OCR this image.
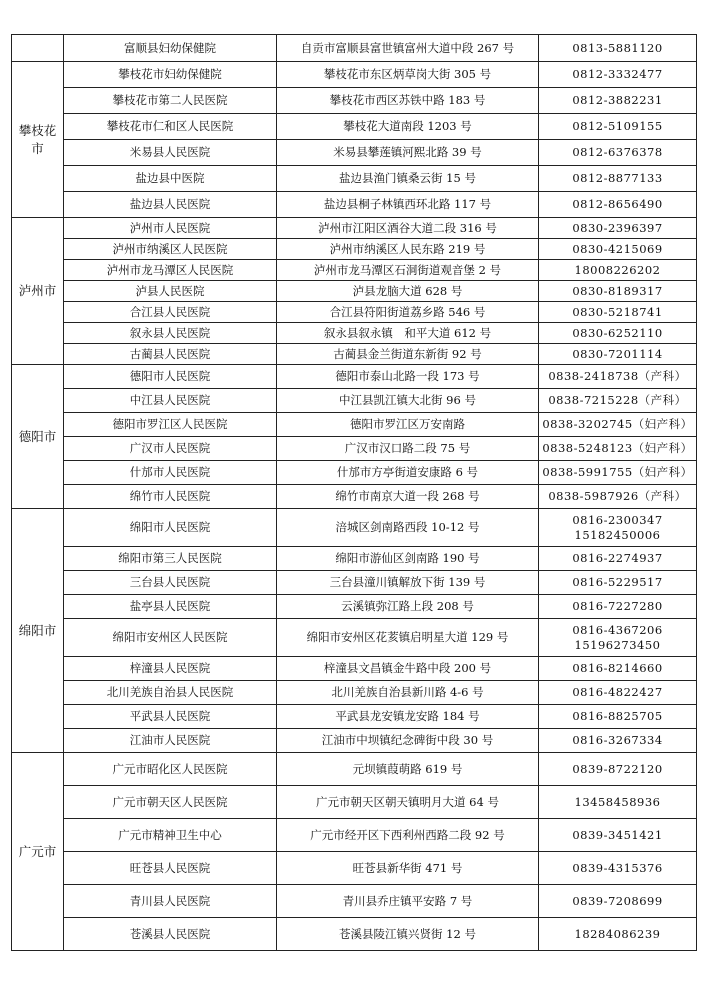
	富顺县妇幼保健院	自贡市富顺县富世镇富州大道中段 267 号	0813-5881120

攀枝花市	攀枝花市妇幼保健院	攀枝花市东区炳草岗大街 305 号	0812-3332477

	攀枝花市第二人民医院	攀枝花市西区苏铁中路 183 号	0812-3882231

	攀枝花市仁和区人民医院	攀枝花大道南段 1203 号	0812-5109155

	米易县人民医院	米易县攀莲镇河熙北路 39 号	0812-6376378

	盐边县中医院	盐边县渔门镇桑云街 15 号	0812-8877133

	盐边县人民医院	盐边县桐子林镇西环北路 117 号	0812-8656490

泸州市	泸州市人民医院	泸州市江阳区酒谷大道二段 316 号	0830-2396397

	泸州市纳溪区人民医院	泸州市纳溪区人民东路 219 号	0830-4215069

	泸州市龙马潭区人民医院	泸州市龙马潭区石洞街道观音堡 2 号	18008226202

	泸县人民医院	泸县龙脑大道 628 号	0830-8189317

	合江县人民医院	合江县符阳街道荔乡路 546 号	0830-5218741

	叙永县人民医院	叙永县叙永镇　和平大道 612 号	0830-6252110

	古蔺县人民医院	古蔺县金兰街道东新街 92 号	0830-7201114

德阳市	德阳市人民医院	德阳市泰山北路一段 173 号	0838-2418738（产科）

	中江县人民医院	中江县凯江镇大北街 96 号	0838-7215228（产科）

	德阳市罗江区人民医院	德阳市罗江区万安南路	0838-3202745（妇产科）

	广汉市人民医院	广汉市汉口路二段 75 号	0838-5248123（妇产科）

	什邡市人民医院	什邡市方亭街道安康路 6 号	0838-5991755（妇产科）

	绵竹市人民医院	绵竹市南京大道一段 268 号	0838-5987926（产科）

绵阳市	绵阳市人民医院	涪城区剑南路西段 10-12 号	0816-2300347
15182450006

	绵阳市第三人民医院	绵阳市游仙区剑南路 190 号	0816-2274937

	三台县人民医院	三台县潼川镇解放下街 139 号	0816-5229517

	盐亭县人民医院	云溪镇弥江路上段 208 号	0816-7227280

	绵阳市安州区人民医院	绵阳市安州区花荄镇启明星大道 129 号	0816-4367206
15196273450

	梓潼县人民医院	梓潼县文昌镇金牛路中段 200 号	0816-8214660

	北川羌族自治县人民医院	北川羌族自治县新川路 4-6 号	0816-4822427

	平武县人民医院	平武县龙安镇龙安路 184 号	0816-8825705

	江油市人民医院	江油市中坝镇纪念碑街中段 30 号	0816-3267334

广元市	广元市昭化区人民医院	元坝镇葭萌路 619 号	0839-8722120

	广元市朝天区人民医院	广元市朝天区朝天镇明月大道 64 号	13458458936

	广元市精神卫生中心	广元市经开区下西利州西路二段 92 号	0839-3451421

	旺苍县人民医院	旺苍县新华街 471 号	0839-4315376

	青川县人民医院	青川县乔庄镇平安路 7 号	0839-7208699

	苍溪县人民医院	苍溪县陵江镇兴贤街 12 号	18284086239
